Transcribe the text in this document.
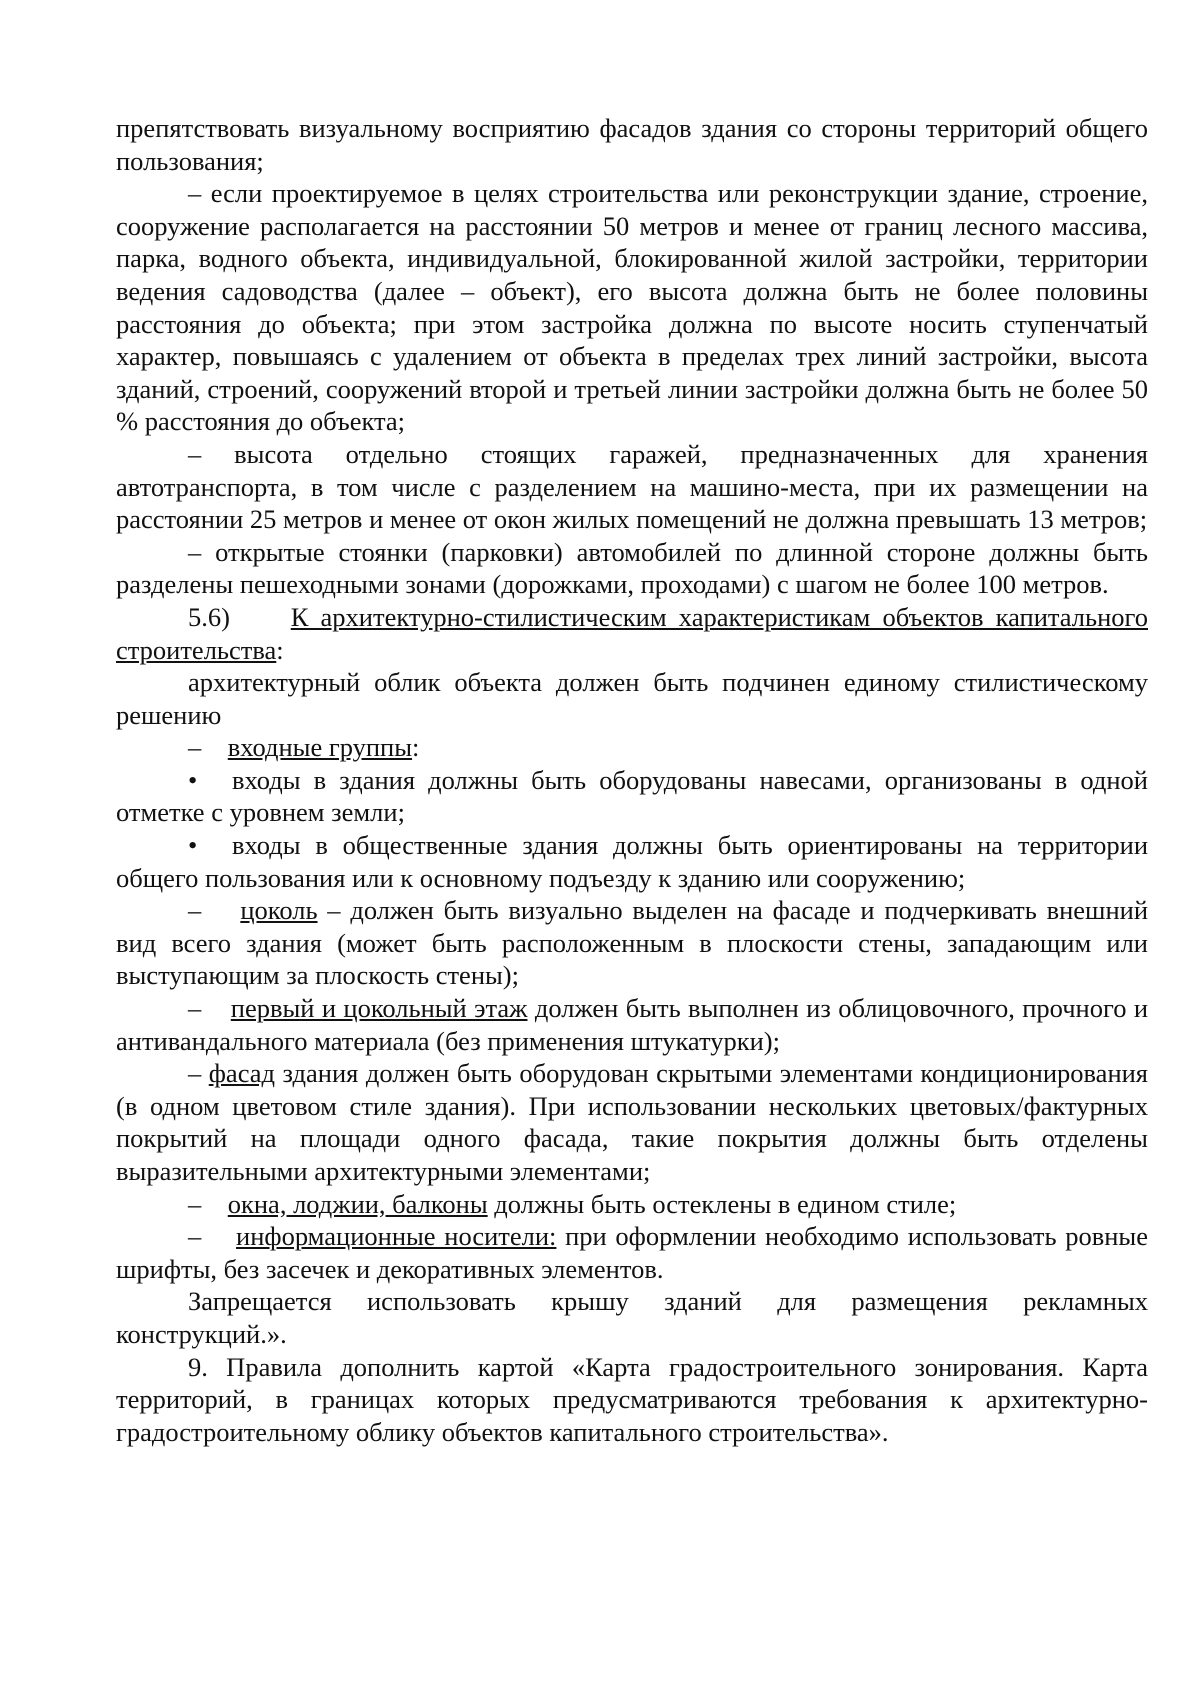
препятствовать визуальному восприятию фасадов здания со стороны территорий общего пользования;

– если проектируемое в целях строительства или реконструкции здание, строение, сооружение располагается на расстоянии 50 метров и менее от границ лесного массива, парка, водного объекта, индивидуальной, блокированной жилой застройки, территории ведения садоводства (далее – объект), его высота должна быть не более половины расстояния до объекта; при этом застройка должна по высоте носить ступенчатый характер, повышаясь с удалением от объекта в пределах трех линий застройки, высота зданий, строений, сооружений второй и третьей линии застройки должна быть не более 50 % расстояния до объекта;

– высота отдельно стоящих гаражей, предназначенных для хранения автотранспорта, в том числе с разделением на машино-места, при их размещении на расстоянии 25 метров и менее от окон жилых помещений не должна превышать 13 метров;

– открытые стоянки (парковки) автомобилей по длинной стороне должны быть разделены пешеходными зонами (дорожками, проходами) с шагом не более 100 метров.

5.6) К архитектурно-стилистическим характеристикам объектов капитального строительства:

архитектурный облик объекта должен быть подчинен единому стилистическому решению

– входные группы:

• входы в здания должны быть оборудованы навесами, организованы в одной отметке с уровнем земли;

• входы в общественные здания должны быть ориентированы на территории общего пользования или к основному подъезду к зданию или сооружению;

– цоколь – должен быть визуально выделен на фасаде и подчеркивать внешний вид всего здания (может быть расположенным в плоскости стены, западающим или выступающим за плоскость стены);

– первый и цокольный этаж должен быть выполнен из облицовочного, прочного и антивандального материала (без применения штукатурки);

– фасад здания должен быть оборудован скрытыми элементами кондиционирования (в одном цветовом стиле здания). При использовании нескольких цветовых/фактурных покрытий на площади одного фасада, такие покрытия должны быть отделены выразительными архитектурными элементами;

– окна, лоджии, балконы должны быть остеклены в едином стиле;

– информационные носители: при оформлении необходимо использовать ровные шрифты, без засечек и декоративных элементов.

Запрещается использовать крышу зданий для размещения рекламных конструкций.».

9. Правила дополнить картой «Карта градостроительного зонирования. Карта территорий, в границах которых предусматриваются требования к архитектурно-градостроительному облику объектов капитального строительства».
